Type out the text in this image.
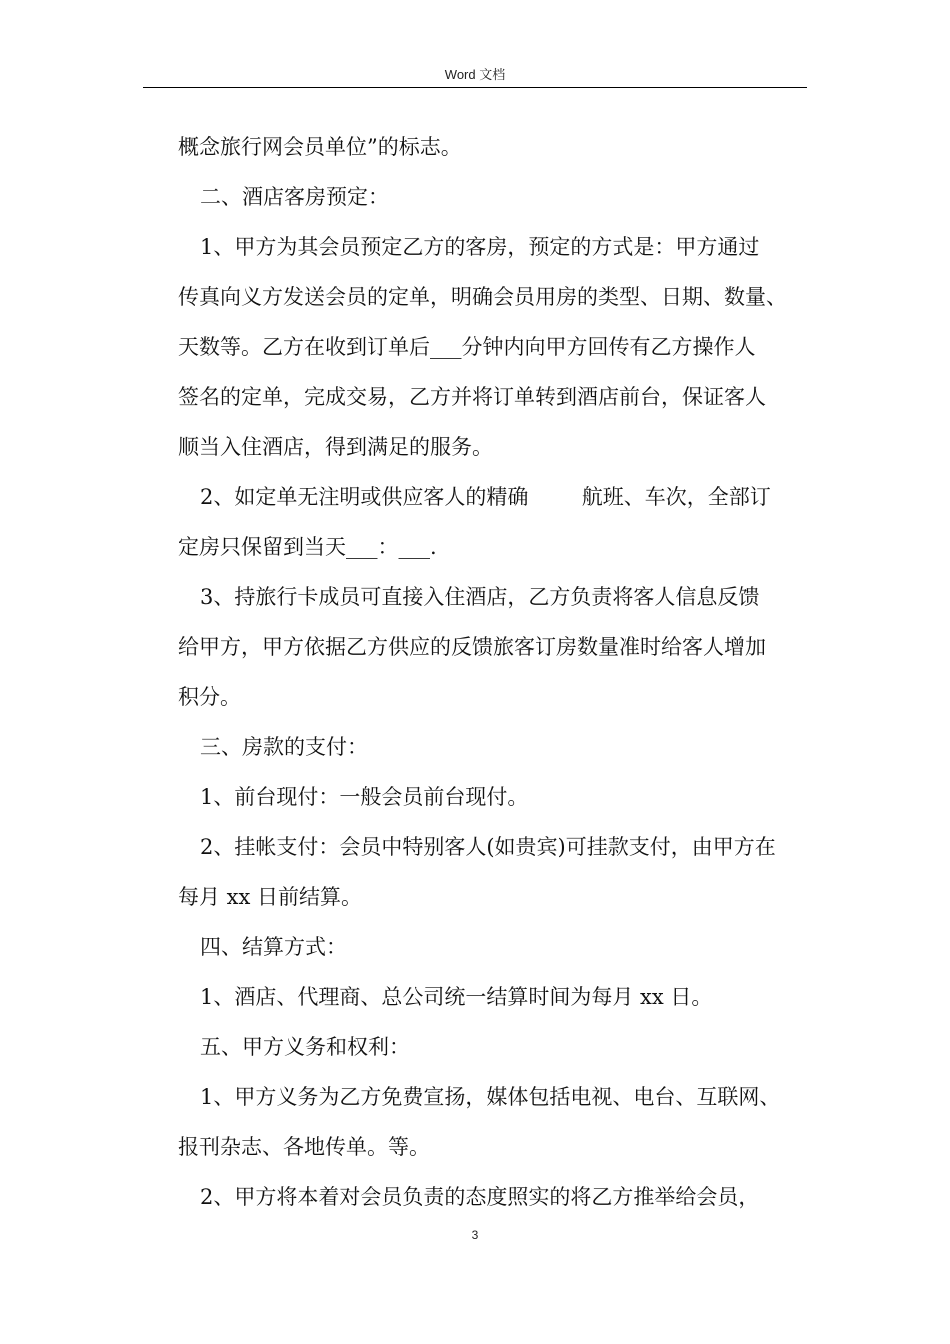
Word 文档
概念旅行网会员单位”的标志。
二、酒店客房预定：
1、甲方为其会员预定乙方的客房，预定的方式是：甲方通过
传真向义方发送会员的定单，明确会员用房的类型、日期、数量、
天数等。乙方在收到订单后___分钟内向甲方回传有乙方操作人
签名的定单，完成交易，乙方并将订单转到酒店前台，保证客人
顺当入住酒店，得到满足的服务。
2、如定单无注明或供应客人的精确        航班、车次，全部订
定房只保留到当天___：___.
3、持旅行卡成员可直接入住酒店，乙方负责将客人信息反馈
给甲方，甲方依据乙方供应的反馈旅客订房数量准时给客人增加
积分。
三、房款的支付：
1、前台现付：一般会员前台现付。
2、挂帐支付：会员中特别客人(如贵宾)可挂款支付，由甲方在
每月 xx 日前结算。
四、结算方式：
1、酒店、代理商、总公司统一结算时间为每月 xx 日。
五、甲方义务和权利：
1、甲方义务为乙方免费宣扬，媒体包括电视、电台、互联网、
报刊杂志、各地传单。等。
2、甲方将本着对会员负责的态度照实的将乙方推举给会员，
3
